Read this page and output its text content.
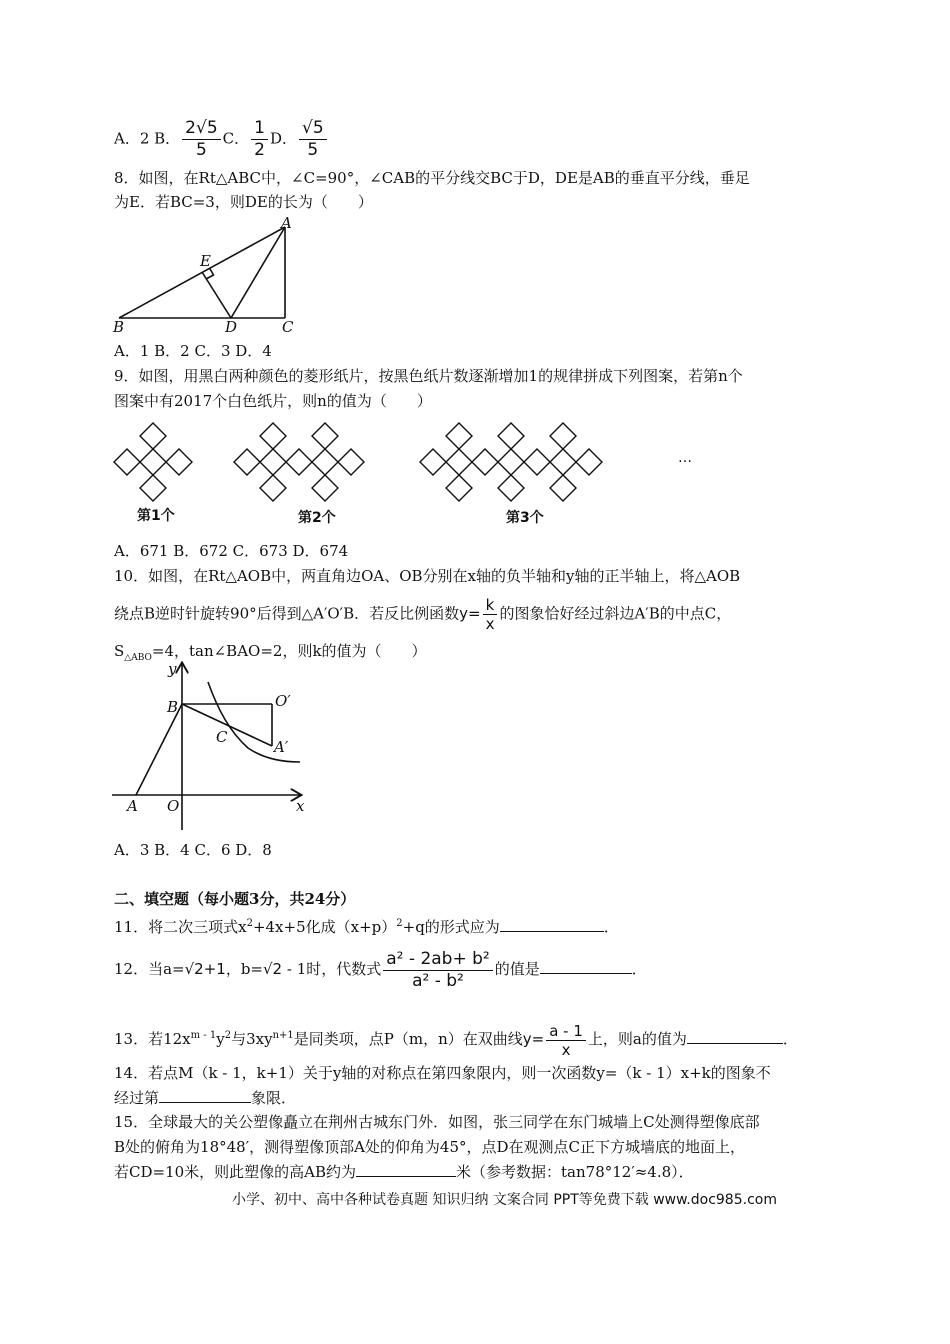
A．2 B． $\frac{2√5}{5}$ C． $\frac{1}{2}$ D． $\frac{√5}{5}$
8．如图，在Rt△ABC中，∠C=90°，∠CAB的平分线交BC于D，DE是AB的垂直平分线，垂足
为E．若BC=3，则DE的长为（　　）
A
B	C
D
E
A．1 B．2 C．3 D．4
9．如图，用黑白两种颜色的菱形纸片，按黑色纸片数逐渐增加1的规律拼成下列图案，若第n个
图案中有2017个白色纸片，则n的值为（　　）
第1个	第2个	第3个
…
A．671 B．672 C．673 D．674
10．如图，在Rt△AOB中，两直角边OA、OB分别在x轴的负半轴和y轴的正半轴上，将△AOB
绕点B逆时针旋转90°后得到△A′O′B．若反比例函数$y= \frac{k}{x}$ 的图象恰好经过斜边A′B的中点C，
$S_{\triangle ABO}=4$，tan∠BAO=2，则k的值为（　　）
y
B	O′
C
A′
A O	x
A．3 B．4 C．6 D．8
二、填空题（每小题3分，共24分）
11．将二次三项式$x^2+4x+5$化成$(x+p)^2+q$的形式应为	．
12．当a=√2+1，b=√2 - 1时，代数式 $\frac{\text{a² - 2ab+ b²}}{\text{a² - b²}}$ 的值是	．
13．若$12x^{m - 1}y^2$与$3xy^{n+1}$是同类项，点P（m，n）在双曲线$y= \frac{a - 1}{x}$ 上，则a的值为	．
14．若点M（k - 1，k+1）关于y轴的对称点在第四象限内，则一次函数y=（k - 1）x+k的图象不
经过第	象限．
15．全球最大的关公塑像矗立在荆州古城东门外．如图，张三同学在东门城墙上C处测得塑像底部
B处的俯角为18°48′，测得塑像顶部A处的仰角为45°，点D在观测点C正下方城墙底的地面上，
若CD=10米，则此塑像的高AB约为	米（参考数据：tan78°12′≈4.8）．
小学、初中、高中各种试卷真题 知识归纳 文案合同 PPT等免费下载 www.doc985.com
